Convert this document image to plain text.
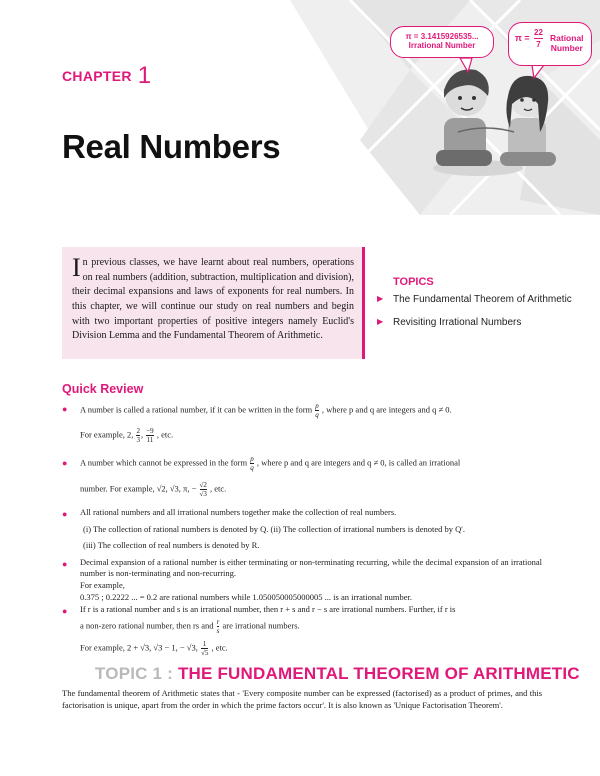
π = 3.1415926535...
Irrational Number
$\pi = \frac{22}{7}$ Rational
Number
CHAPTER 1
Real Numbers
In previous classes, we have learnt about real numbers, operations on real numbers (addition, subtraction, multiplication and division), their decimal expansions and laws of exponents for real numbers. In this chapter, we will continue our study on real numbers and begin with two important properties of positive integers namely Euclid's Division Lemma and the Fundamental Theorem of Arithmetic.
TOPICS
▶ The Fundamental Theorem of Arithmetic
▶ Revisiting Irrational Numbers
Quick Review
● A number is called a rational number, if it can be written in the form $\frac{p}{q}$ , where p and q are integers and q ≠ 0.
For example, 2, $\frac{2}{3}$ , $\frac{-9}{11}$ , etc.
● A number which cannot be expressed in the form $\frac{p}{q}$ , where p and q are integers and q ≠ 0, is called an irrational
number. For example, √2, √3, π, − $\frac{√2}{√3}$ , etc.
● All rational numbers and all irrational numbers together make the collection of real numbers.
(i) The collection of rational numbers is denoted by Q. (ii) The collection of irrational numbers is denoted by Q'.
(iii) The collection of real numbers is denoted by R.
● Decimal expansion of a rational number is either terminating or non-terminating recurring, while the decimal expansion of an irrational number is non-terminating and non-recurring.
For example,
0.375 ; 0.2222 ... = 0.2 are rational numbers while 1.050050005000005 ... is an irrational number.
● If r is a rational number and s is an irrational number, then r + s and r − s are irrational numbers. Further, if r is
a non-zero rational number, then rs and $\frac{r}{s}$ are irrational numbers.
For example, 2 + √3, √3 − 1, − √3, $\frac{1}{√5}$ , etc.
TOPIC 1 : THE FUNDAMENTAL THEOREM OF ARITHMETIC
The fundamental theorem of Arithmetic states that - 'Every composite number can be expressed (factorised) as a product of primes, and this factorisation is unique, apart from the order in which the prime factors occur'. It is also known as 'Unique Factorisation Theorem'.
